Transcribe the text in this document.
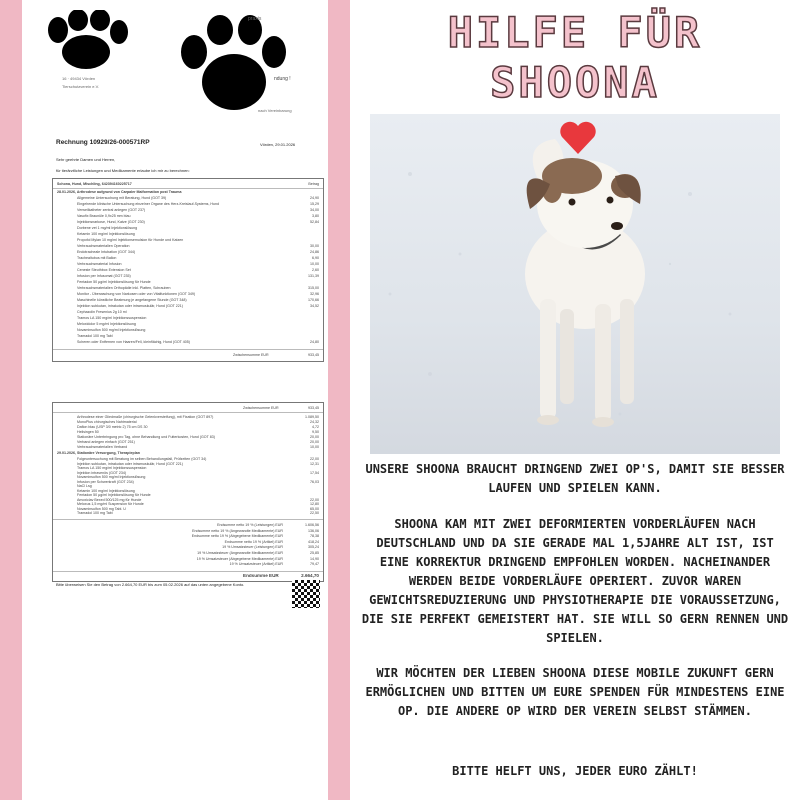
praxis
ndung !
16 · 49434 Vörden
Tierschutzverein e.V.
nach Vereinbarung
Vörden, 29.01.2026
Rechnung 10929/26-000571RP
Sehr geehrte Damen und Herren,
für tierärztliche Leistungen und Medikamente erlaube ich mir zu berechnen:
Schona, Hund, Mischling, 642394160225717	Betrag
28.01.2026, Arthrodese aufgrund von Carpaler Malformation post Trauma
Allgemeine Untersuchung mit Beratung, Hund (GOT 39)	24,90
Eingehende klinische Untersuchung einzelner Organe des Herz-Kreislauf-Systems, Hund	15,29
Verweilkatheter zentral anlegen (GOT 237)	34,00
Vasofix Braunüle 0,9x25 mm blau	3,80
Injektionsnarkose, Hund, Katze (GOT 230)	52,84
Dorbene vet 1 mg/ml Injektionslösung
Ketamin 100 mg/ml Injektionslösung
Propofol Mylan 10 mg/ml Injektionsemulsion für Hunde und Katzen
Verbrauchsmaterialien Operation	30,00
Endotracheale Intubation (GOT 344)	24,86
Trachealtubus mit Ballon	6,90
Verbrauchsmaterial Infusion	10,00
Ceneste Steuthbox Extension Set	2,60
Infusion per Infusomat (GOT 235)	131,39
Fentadon 50 µg/ml Injektionslösung für Hunde
Verbrauchsmaterialien Orthopädie inkl. Platten, Schrauben	315,00
Monitor - Überwachung von Narkosen oder von Vitalfunktionen (GOT 349)	32,96
Maschinelle künstliche Beatmung je angefangene Stunde (GOT 348)	170,66
Injektion subkutan, intrakutan oder intramuskulär, Hund (GOT 221)	34,52
Cephazolin Fresenius 2g 10 ml
Tramos LA 150 mg/ml Injektionssuspension
Meloxidolor 5 mg/ml Injektionslösung
Novaminsulfon 500 mg/ml Injektionslösung
Tramadol 100 mg Tabl
Scheren oder Entfernen von Haaren/Fell, kleinflächig, Hund (GOT 405)	24,80
Zwischensumme EUR	933,45
Zwischensumme EUR	933,45
Arthrodese einer Gliedmaße (chirurgische Gelenkversteifung), mit Fixation (GOT 897)	1.089,50
MonoPlus chirurgisches Nahtmaterial	24,32
Daflon blau (USP 3/0 metric 2) 75 cm DS 30	4,72
Heilsingen 50	9,50
Stationäre Unterbringung pro Tag, ohne Behandlung und Futterkosten, Hund (GOT 83)	20,00
Verband anlegen einfach (GOT 251)	20,00
Verbrauchsmaterialien Verband	10,00
29.01.2026, Stationäre Versorgung, Therapieplan
Folgeuntersuchung mit Beratung im selben Behandlungsfall, Prüfzeiten (GOT 34)	22,00
Injektion subkutan, intrakutan oder intramuskulär, Hund (GOT 221)	12,31
Tramos LA 150 mg/ml Injektionssuspension
Injektion intravenös (GOT 234)	17,54
Novaminsulfon 500 mg/ml Injektionslösung
Infusion per Schwerkraft (GOT 234)	76,03
NaCl Lsg
Ketamin 100 mg/ml Injektionslösung
Fentadon 50 µg/ml Injektionslösung für Hunde
Amoxiclav Bexed 500/125 mg für Hunde	22,00
Meloxus 1,5 mg/ml Suspension für Hunde	12,80
Novaminsulfon 500 mg Tabl. U	65,00
Tramadol 100 mg Tabl	22,50
Endsumme netto 19 % (Leistungen) EUR	1.606,56
Endsumme netto 19 % (Angewandte Medikamente) EUR	136,06
Endsumme netto 19 % (Abgegebene Medikamente) EUR	78,38
Endsumme netto 19 % (Artikel) EUR	418,24
19 % Umsatzsteuer (Leistungen) EUR	305,24
19 % Umsatzsteuer (Angewandte Medikamente) EUR	25,85
19 % Umsatzsteuer (Abgegebene Medikamente) EUR	14,90
19 % Umsatzsteuer (Artikel) EUR	79,47
Endsumme EUR	2.664,70
Bitte überweisen Sie den Betrag von 2.664,70 EUR bis zum 05.02.2026 auf das unten angegebene Konto.
HILFE FÜR
SHOONA
UNSERE SHOONA BRAUCHT DRINGEND ZWEI OP'S, DAMIT SIE BESSER LAUFEN UND SPIELEN KANN.
SHOONA KAM MIT ZWEI DEFORMIERTEN VORDERLÄUFEN NACH DEUTSCHLAND UND DA SIE GERADE MAL 1,5JAHRE ALT IST, IST EINE KORREKTUR DRINGEND EMPFOHLEN WORDEN. NACHEINANDER WERDEN BEIDE VORDERLÄUFE OPERIERT. ZUVOR WAREN GEWICHTSREDUZIERUNG UND PHYSIOTHERAPIE DIE VORAUSSETZUNG, DIE SIE PERFEKT GEMEISTERT HAT. SIE WILL SO GERN RENNEN UND SPIELEN.
WIR MÖCHTEN DER LIEBEN SHOONA DIESE MOBILE ZUKUNFT GERN ERMÖGLICHEN UND BITTEN UM EURE SPENDEN FÜR MINDESTENS EINE OP. DIE ANDERE OP WIRD DER VEREIN SELBST STÄMMEN.
BITTE HELFT UNS, JEDER EURO ZÄHLT!
